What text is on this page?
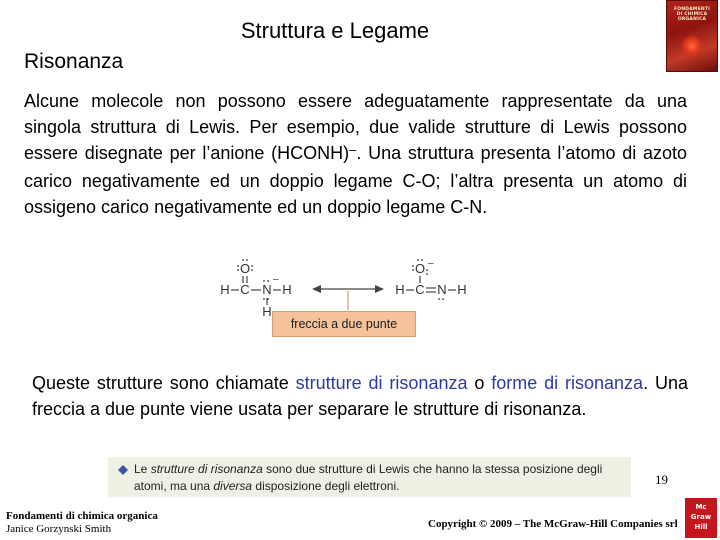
Struttura e Legame
Risonanza
FONDAMENTI
DI CHIMICA
ORGANICA
Alcune molecole non possono essere adeguatamente rappresentate da una singola struttura di Lewis. Per esempio, due valide strutture di Lewis possono essere disegnate per l’anione (HCONH)–. Una struttura presenta l’atomo di azoto carico negativamente ed un doppio legame C-O; l’altra presenta un atomo di ossigeno carico negativamente ed un doppio legame C-N.
O
H C N
–
H
H
O –
H C N H
freccia a due punte
Queste strutture sono chiamate strutture di risonanza o forme di risonanza. Una freccia a due punte viene usata per separare le strutture di risonanza.
Le strutture di risonanza sono due strutture di Lewis che hanno la stessa posizione degli atomi, ma una diversa disposizione degli elettroni.	19
Fondamenti di chimica organica
Janice Gorzynski Smith	Copyright © 2009 – The McGraw-Hill Companies srl
Mc
Graw
Hill
